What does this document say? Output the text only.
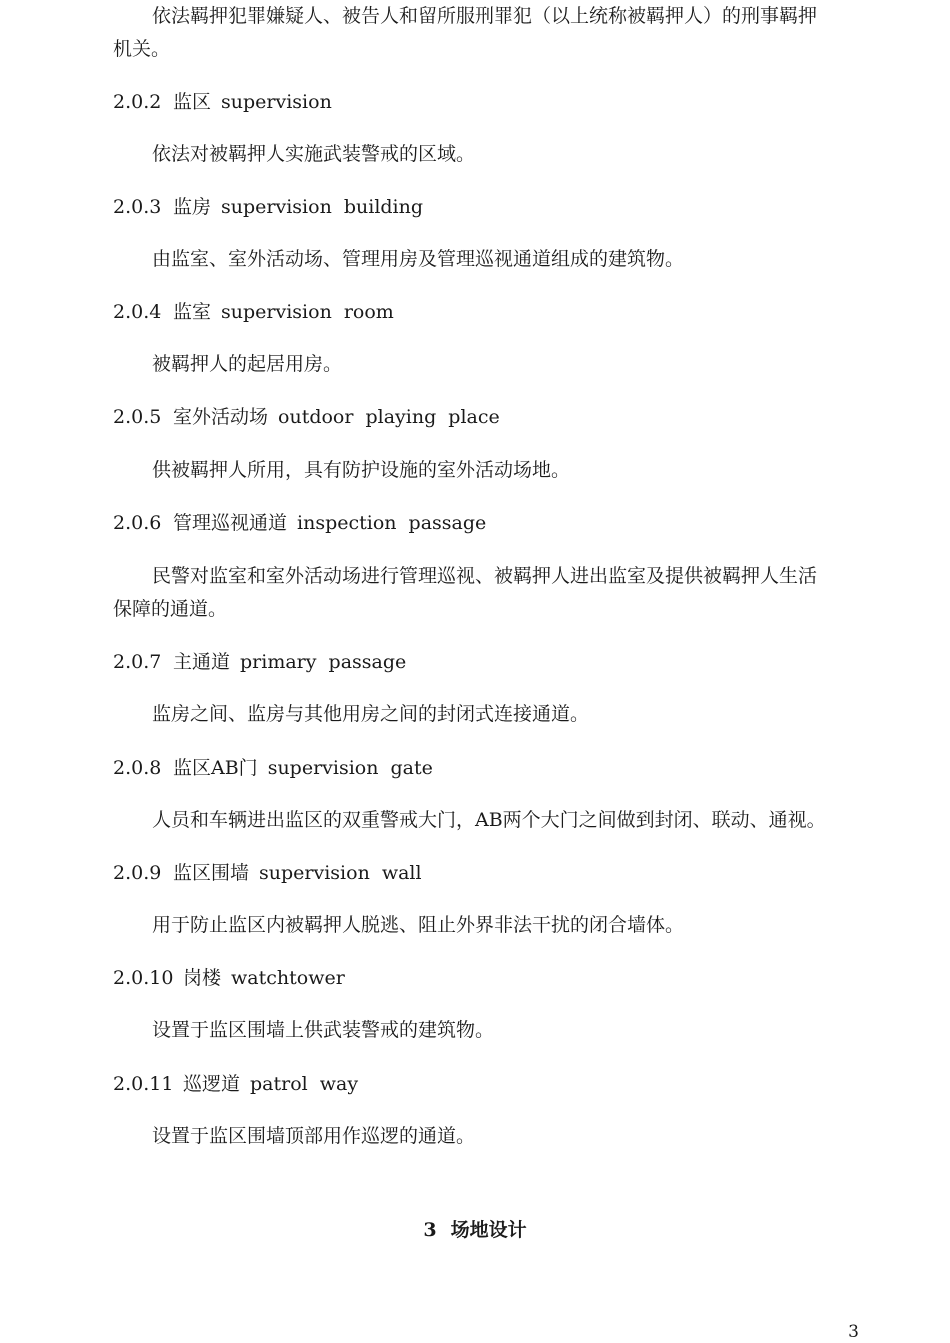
依法羁押犯罪嫌疑人、被告人和留所服刑罪犯（以上统称被羁押人）的刑事羁押
机关。
2.0.2 监区 supervision
依法对被羁押人实施武装警戒的区域。
2.0.3 监房 supervision building
由监室、室外活动场、管理用房及管理巡视通道组成的建筑物。
2.0.4 监室 supervision room
被羁押人的起居用房。
2.0.5 室外活动场 outdoor playing place
供被羁押人所用，具有防护设施的室外活动场地。
2.0.6 管理巡视通道 inspection passage
民警对监室和室外活动场进行管理巡视、被羁押人进出监室及提供被羁押人生活
保障的通道。
2.0.7 主通道 primary passage
监房之间、监房与其他用房之间的封闭式连接通道。
2.0.8 监区AB门 supervision gate
人员和车辆进出监区的双重警戒大门，AB两个大门之间做到封闭、联动、通视。
2.0.9 监区围墙 supervision wall
用于防止监区内被羁押人脱逃、阻止外界非法干扰的闭合墙体。
2.0.10 岗楼 watchtower
设置于监区围墙上供武装警戒的建筑物。
2.0.11 巡逻道 patrol way
设置于监区围墙顶部用作巡逻的通道。
3 场地设计
3
